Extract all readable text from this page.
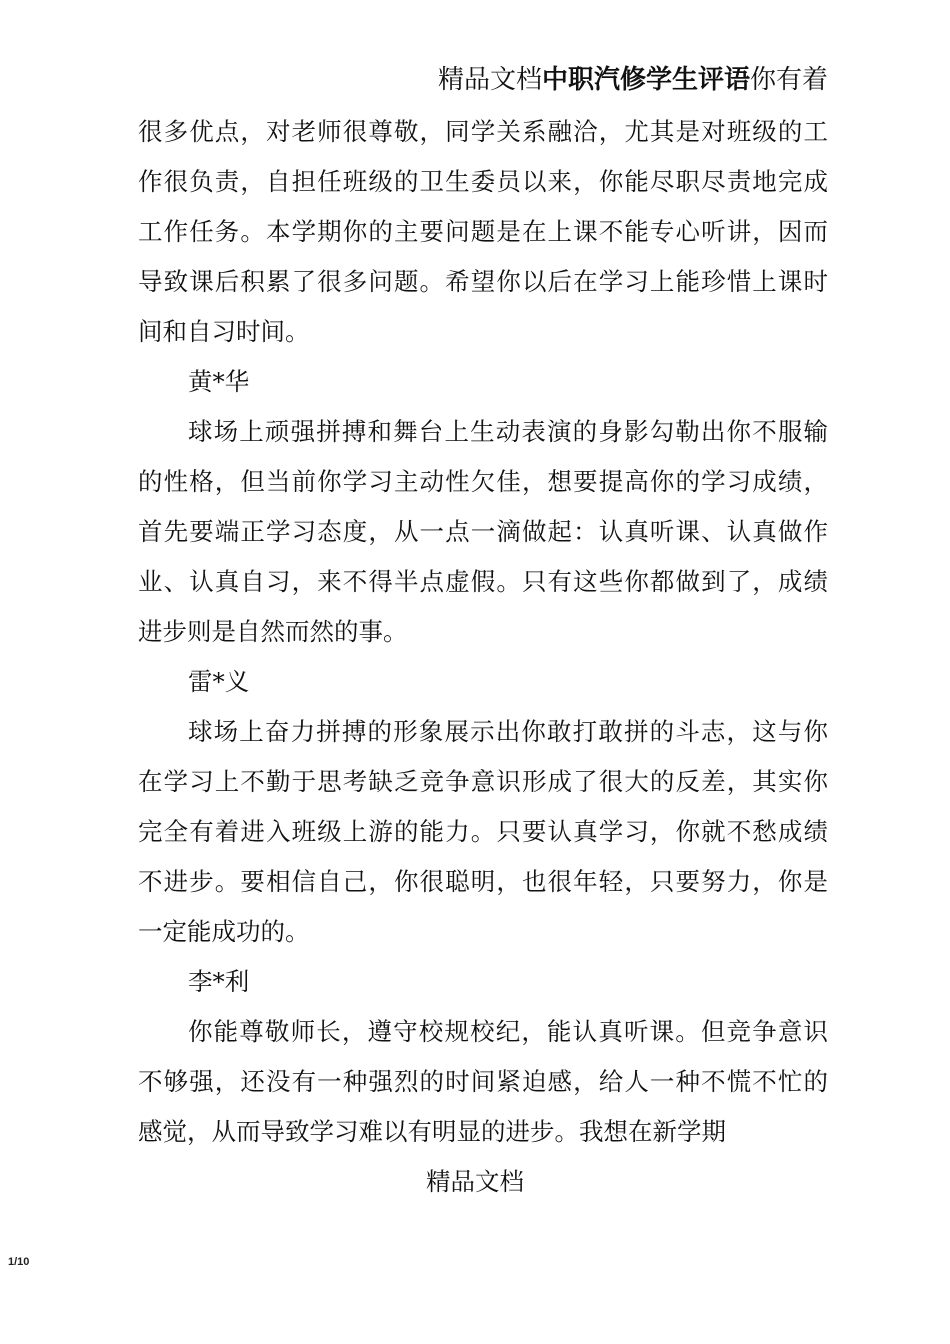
精品文档中职汽修学生评语你有着
很多优点，对老师很尊敬，同学关系融洽，尤其是对班级的工
作很负责，自担任班级的卫生委员以来，你能尽职尽责地完成
工作任务。本学期你的主要问题是在上课不能专心听讲，因而
导致课后积累了很多问题。希望你以后在学习上能珍惜上课时
间和自习时间。
黄*华
球场上顽强拼搏和舞台上生动表演的身影勾勒出你不服输
的性格，但当前你学习主动性欠佳，想要提高你的学习成绩，
首先要端正学习态度，从一点一滴做起：认真听课、认真做作
业、认真自习，来不得半点虚假。只有这些你都做到了，成绩
进步则是自然而然的事。
雷*义
球场上奋力拼搏的形象展示出你敢打敢拼的斗志，这与你
在学习上不勤于思考缺乏竞争意识形成了很大的反差，其实你
完全有着进入班级上游的能力。只要认真学习，你就不愁成绩
不进步。要相信自己，你很聪明，也很年轻，只要努力，你是
一定能成功的。
李*利
你能尊敬师长，遵守校规校纪，能认真听课。但竞争意识
不够强，还没有一种强烈的时间紧迫感，给人一种不慌不忙的
感觉，从而导致学习难以有明显的进步。我想在新学期
精品文档
1/10
